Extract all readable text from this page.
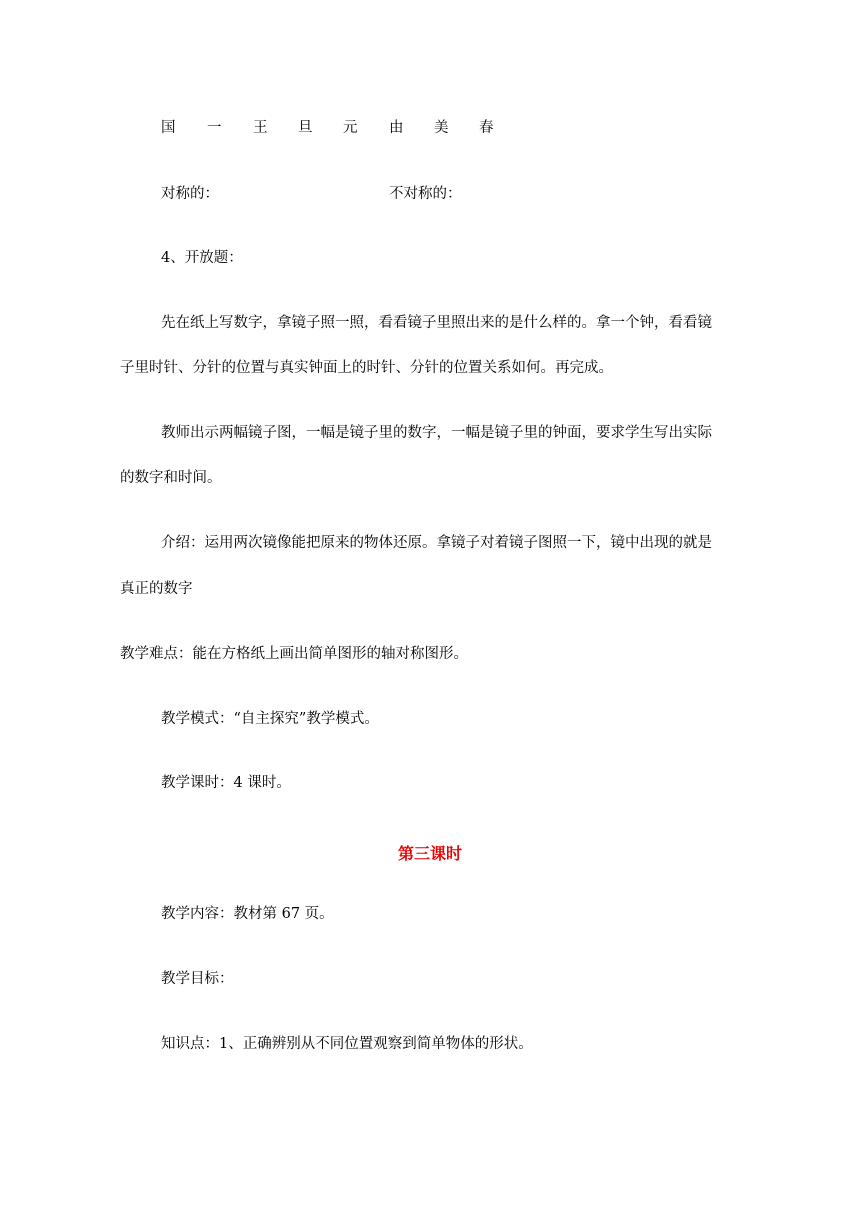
国 一 王 旦 元 由 美 春
对称的：	不对称的：
4、开放题：
先在纸上写数字，拿镜子照一照，看看镜子里照出来的是什么样的。拿一个钟，看看镜
子里时针、分针的位置与真实钟面上的时针、分针的位置关系如何。再完成。
教师出示两幅镜子图，一幅是镜子里的数字，一幅是镜子里的钟面，要求学生写出实际
的数字和时间。
介绍：运用两次镜像能把原来的物体还原。拿镜子对着镜子图照一下，镜中出现的就是
真正的数字
教学难点：能在方格纸上画出简单图形的轴对称图形。
教学模式：“自主探究”教学模式。
教学课时：4 课时。
第三课时
教学内容：教材第 67 页。
教学目标：
知识点：1、正确辨别从不同位置观察到简单物体的形状。
